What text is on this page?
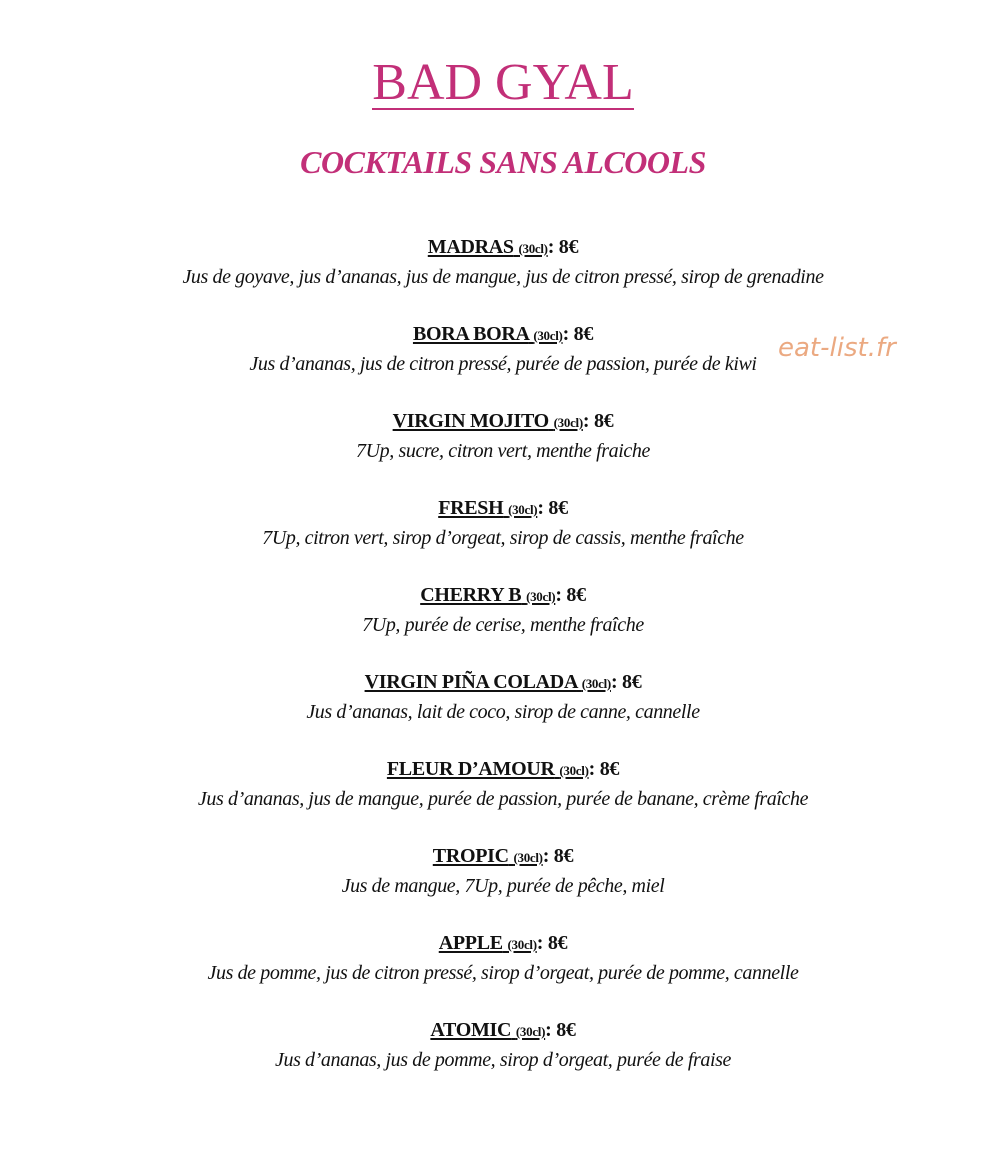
BAD GYAL
COCKTAILS SANS ALCOOLS
MADRAS (30cl): 8€
Jus de goyave, jus d’ananas, jus de mangue, jus de citron pressé, sirop de grenadine
BORA BORA (30cl): 8€
Jus d’ananas, jus de citron pressé, purée de passion, purée de kiwi
VIRGIN MOJITO (30cl): 8€
7Up, sucre, citron vert, menthe fraiche
FRESH (30cl): 8€
7Up, citron vert, sirop d’orgeat, sirop de cassis, menthe fraîche
CHERRY B (30cl): 8€
7Up, purée de cerise, menthe fraîche
VIRGIN PIÑA COLADA (30cl): 8€
Jus d’ananas, lait de coco, sirop de canne, cannelle
FLEUR D’AMOUR (30cl): 8€
Jus d’ananas, jus de mangue, purée de passion, purée de banane, crème fraîche
TROPIC (30cl): 8€
Jus de mangue, 7Up, purée de pêche, miel
APPLE (30cl): 8€
Jus de pomme, jus de citron pressé, sirop d’orgeat, purée de pomme, cannelle
ATOMIC (30cl): 8€
Jus d’ananas, jus de pomme, sirop d’orgeat, purée de fraise
eat-list.fr
